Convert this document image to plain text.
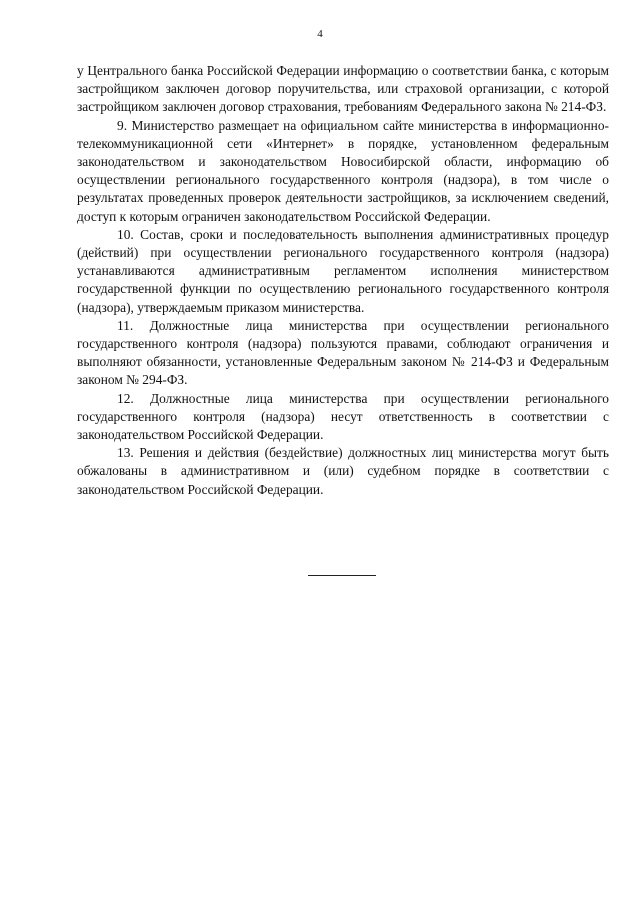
4

у Центрального банка Российской Федерации информацию о соответствии банка, с которым застройщиком заключен договор поручительства, или страховой организации, с которой застройщиком заключен договор страхования, требованиям Федерального закона № 214-ФЗ.

9. Министерство размещает на официальном сайте министерства в информационно-телекоммуникационной сети «Интернет» в порядке, установленном федеральным законодательством и законодательством Новосибирской области, информацию об осуществлении регионального государственного контроля (надзора), в том числе о результатах проведенных проверок деятельности застройщиков, за исключением сведений, доступ к которым ограничен законодательством Российской Федерации.

10. Состав, сроки и последовательность выполнения административных процедур (действий) при осуществлении регионального государственного контроля (надзора) устанавливаются административным регламентом исполнения министерством государственной функции по осуществлению регионального государственного контроля (надзора), утверждаемым приказом министерства.

11. Должностные лица министерства при осуществлении регионального государственного контроля (надзора) пользуются правами, соблюдают ограничения и выполняют обязанности, установленные Федеральным законом № 214-ФЗ и Федеральным законом № 294-ФЗ.

12. Должностные лица министерства при осуществлении регионального государственного контроля (надзора) несут ответственность в соответствии с законодательством Российской Федерации.

13. Решения и действия (бездействие) должностных лиц министерства могут быть обжалованы в административном и (или) судебном порядке в соответствии с законодательством Российской Федерации.
